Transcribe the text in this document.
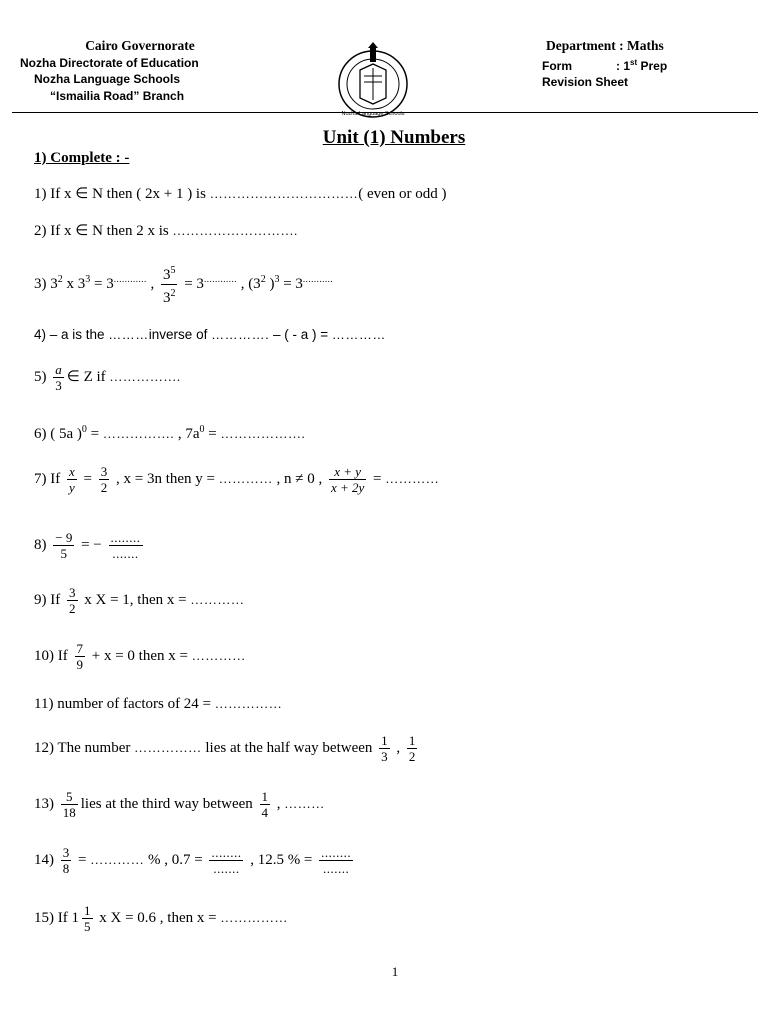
Cairo Governorate
Nozha Directorate of Education
Nozha Language Schools
“Ismailia Road” Branch
Nozha Language Schools
Department : Maths
Form	: 1st Prep
Revision Sheet
Unit (1) Numbers
1) Complete : -
1) If x ∈ N then ( 2x + 1 ) is ……………………………( even or odd )
2) If x ∈ N then 2 x is ……………………….
3) $3^2$ x $3^3 = 3^{............}$ , $\frac{3^5}{3^2} = 3^{............}$ , ($3^2$ )$^3$ = 3...........
4) – a is the ………inverse of …………. – ( - a ) = …………
$5) \frac{a}{3}$ ∈ Z if …………….
6) ( 5a )$^0$ = ……………. , $7a^0$ = ……………….
7) If $\frac{x}{y} = \frac{3}{2}$ , x = 3n then y = ………… , n ≠ 0 , $\frac{x + y}{x + 2y}$ = …………
$8) \frac{- 9}{5}$ = − $\frac{........}{.......}$
9) If $\frac{3}{2}$ x X = 1, then x = …………
10) If $\frac{7}{9} + x = 0$ then x = …………
11) number of factors of 24 = ……………
12) The number …………… lies at the half way between $\frac{1}{3}$ , $\frac{1}{2}$
$13) \frac{5}{18}$ lies at the third way between $\frac{1}{4}$ , ………
$14) \frac{3}{8}$ = ………… % , $0.7 = \frac{........}{.......}$ , 12.5 % = $\frac{........}{.......}$
15) If $1 \frac{1}{5}$ x X = 0.6 , then x = ……………
1
